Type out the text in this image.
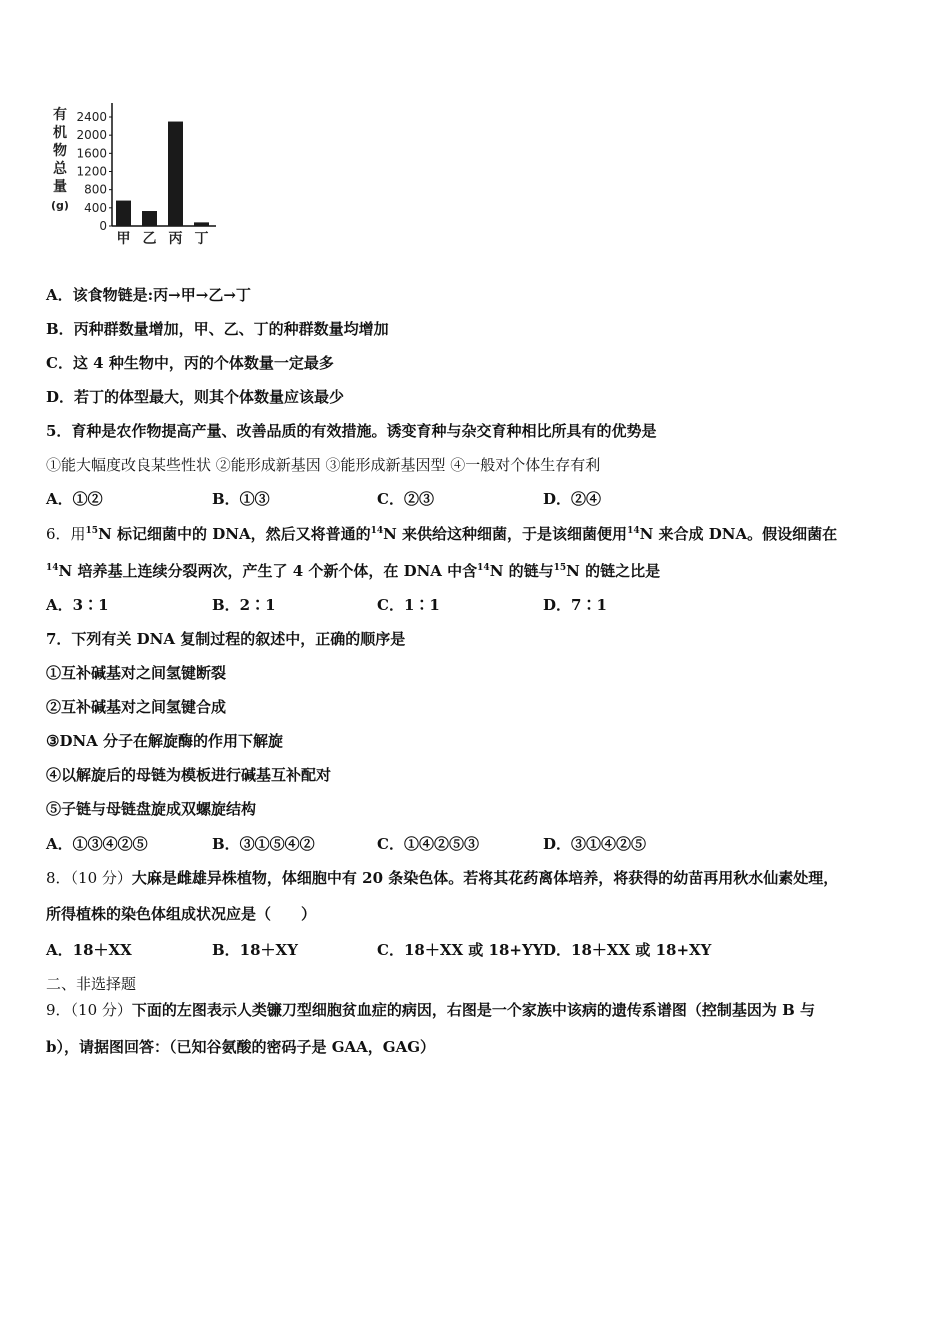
有
机
物
总
量
(g)
0
400
800
1200
1600
2000
2400
甲 乙 丙 丁
A．该食物链是:丙→甲→乙→丁
B．丙种群数量增加，甲、乙、丁的种群数量均增加
C．这 4 种生物中，丙的个体数量一定最多
D．若丁的体型最大，则其个体数量应该最少
5．育种是农作物提高产量、改善品质的有效措施。诱变育种与杂交育种相比所具有的优势是
①能大幅度改良某些性状 ②能形成新基因 ③能形成新基因型 ④一般对个体生存有利
A．①②	B．①③	C．②③	D．②④
6．用$^{15}$N 标记细菌中的 DNA，然后又将普通的$^{14}$N 来供给这种细菌，于是该细菌便用$^{14}$N 来合成 DNA。假设细菌在
$^{14}$N 培养基上连续分裂两次，产生了 4 个新个体，在 DNA 中含$^{14}$N 的链与$^{15}$N 的链之比是
A．3∶1	B．2∶1	C．1∶1	D．7∶1
7．下列有关 DNA 复制过程的叙述中，正确的顺序是
①互补碱基对之间氢键断裂
②互补碱基对之间氢键合成
③DNA 分子在解旋酶的作用下解旋
④以解旋后的母链为模板进行碱基互补配对
⑤子链与母链盘旋成双螺旋结构
A．①③④②⑤	B．③①⑤④②	C．①④②⑤③	D．③①④②⑤
8．（10 分）大麻是雌雄异株植物，体细胞中有 20 条染色体。若将其花药离体培养，将获得的幼苗再用秋水仙素处理，
所得植株的染色体组成状况应是（　　）
A．18＋XX	B．18＋XY	C．18＋XX 或 18+YY D．18＋XX 或 18+XY
二、非选择题
9．（10 分）下面的左图表示人类镰刀型细胞贫血症的病因，右图是一个家族中该病的遗传系谱图（控制基因为 B 与
b），请据图回答：（已知谷氨酸的密码子是 GAA，GAG）
